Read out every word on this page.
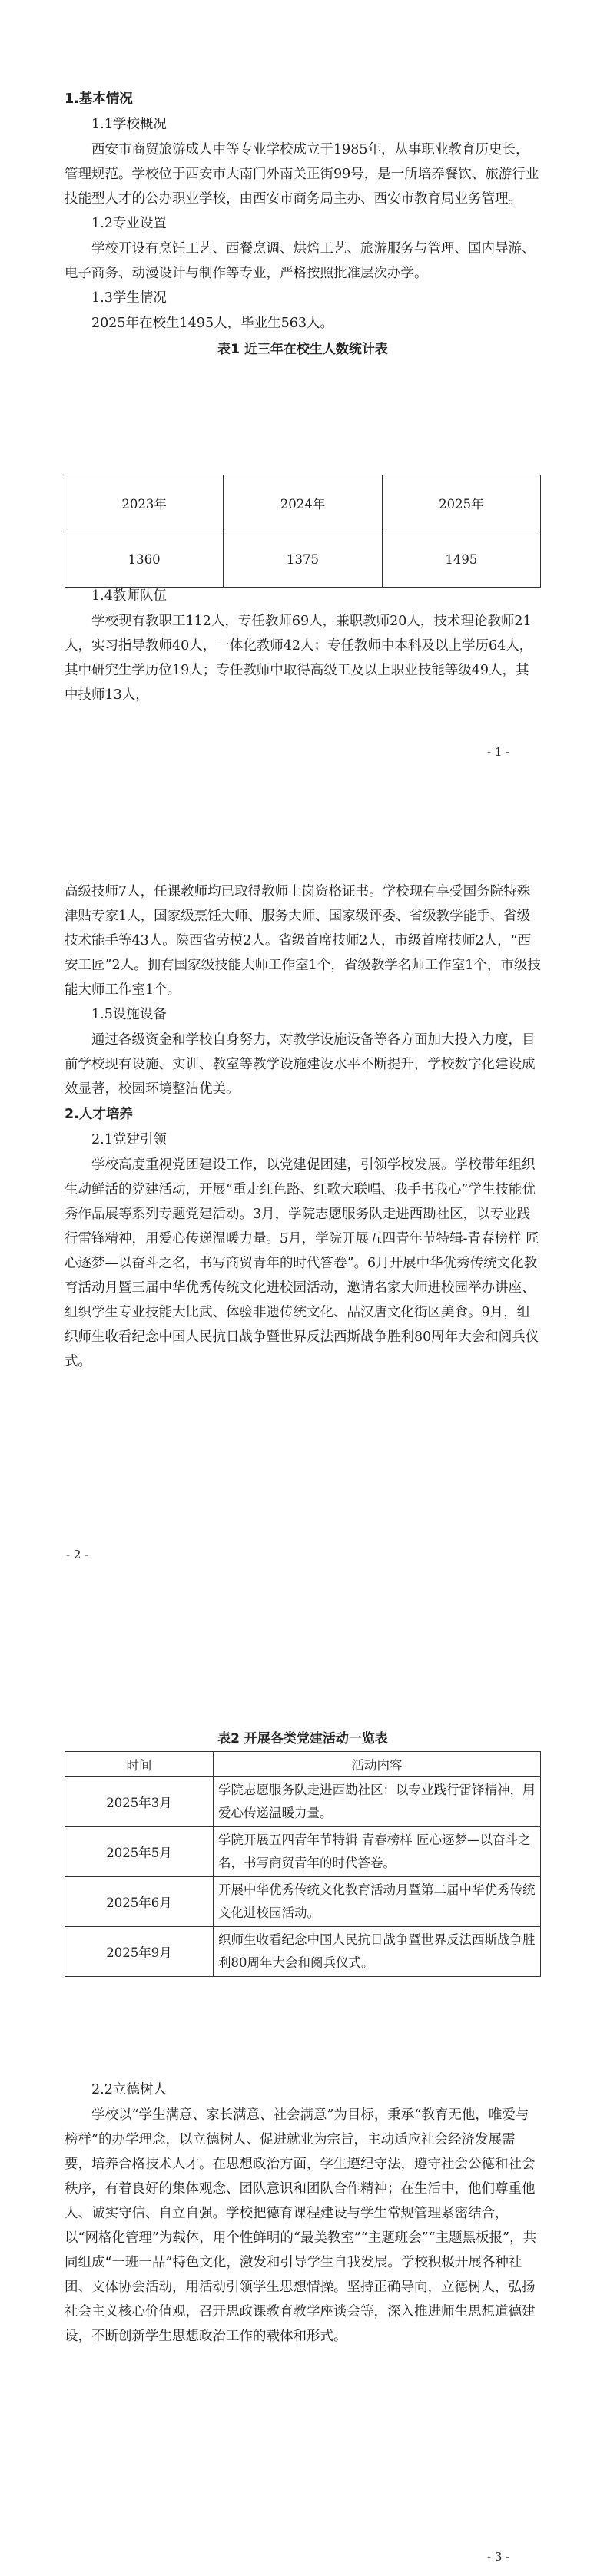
1.基本情况

1.1学校概况

西安市商贸旅游成人中等专业学校成立于1985年，从事职业教育历史长，管理规范。学校位于西安市大南门外南关正街99号，是一所培养餐饮、旅游行业技能型人才的公办职业学校，由西安市商务局主办、西安市教育局业务管理。

1.2专业设置

学校开设有烹饪工艺、西餐烹调、烘焙工艺、旅游服务与管理、国内导游、电子商务、动漫设计与制作等专业，严格按照批准层次办学。

1.3学生情况

2025年在校生1495人，毕业生563人。

表1 近三年在校生人数统计表

2023年	2024年	2025年
1360	1375	1495

1.4教师队伍

学校现有教职工112人，专任教师69人，兼职教师20人，技术理论教师21人，实习指导教师40人，一体化教师42人；专任教师中本科及以上学历64人，其中研究生学历位19人；专任教师中取得高级工及以上职业技能等级49人，其中技师13人，

- 1 -

高级技师7人，任课教师均已取得教师上岗资格证书。学校现有享受国务院特殊津贴专家1人，国家级烹饪大师、服务大师、国家级评委、省级教学能手、省级技术能手等43人。陕西省劳模2人。省级首席技师2人，市级首席技师2人，“西安工匠”2人。拥有国家级技能大师工作室1个，省级教学名师工作室1个，市级技能大师工作室1个。

1.5设施设备

通过各级资金和学校自身努力，对教学设施设备等各方面加大投入力度，目前学校现有设施、实训、教室等教学设施建设水平不断提升，学校数字化建设成效显著，校园环境整洁优美。

2.人才培养

2.1党建引领

学校高度重视党团建设工作，以党建促团建，引领学校发展。学校带年组织生动鲜活的党建活动，开展“重走红色路、红歌大联唱、我手书我心”学生技能优秀作品展等系列专题党建活动。3月，学院志愿服务队走进西勘社区，以专业践行雷锋精神，用爱心传递温暖力量。5月，学院开展五四青年节特辑-青春榜样 匠心逐梦—以奋斗之名，书写商贸青年的时代答卷”。6月开展中华优秀传统文化教育活动月暨三届中华优秀传统文化进校园活动，邀请名家大师进校园举办讲座、组织学生专业技能大比武、体验非遗传统文化、品汉唐文化街区美食。9月，组织师生收看纪念中国人民抗日战争暨世界反法西斯战争胜利80周年大会和阅兵仪式。

- 2 -

表2 开展各类党建活动一览表

时间	活动内容
2025年3月	学院志愿服务队走进西勘社区：以专业践行雷锋精神，用爱心传递温暖力量。
2025年5月	学院开展五四青年节特辑 青春榜样 匠心逐梦—以奋斗之名，书写商贸青年的时代答卷。
2025年6月	开展中华优秀传统文化教育活动月暨第二届中华优秀传统文化进校园活动。
2025年9月	织师生收看纪念中国人民抗日战争暨世界反法西斯战争胜利80周年大会和阅兵仪式。

2.2立德树人

学校以“学生满意、家长满意、社会满意”为目标，秉承“教育无他，唯爱与榜样”的办学理念，以立德树人、促进就业为宗旨，主动适应社会经济发展需要，培养合格技术人才。在思想政治方面，学生遵纪守法，遵守社会公德和社会秩序，有着良好的集体观念、团队意识和团队合作精神；在生活中，他们尊重他人、诚实守信、自立自强。学校把德育课程建设与学生常规管理紧密结合，以“网格化管理”为载体，用个性鲜明的“最美教室”“主题班会”“主题黑板报”，共同组成“一班一品”特色文化，激发和引导学生自我发展。学校积极开展各种社团、文体协会活动，用活动引领学生思想情操。坚持正确导向，立德树人，弘扬社会主义核心价值观，召开思政课教育教学座谈会等，深入推进师生思想道德建设，不断创新学生思想政治工作的载体和形式。

- 3 -
